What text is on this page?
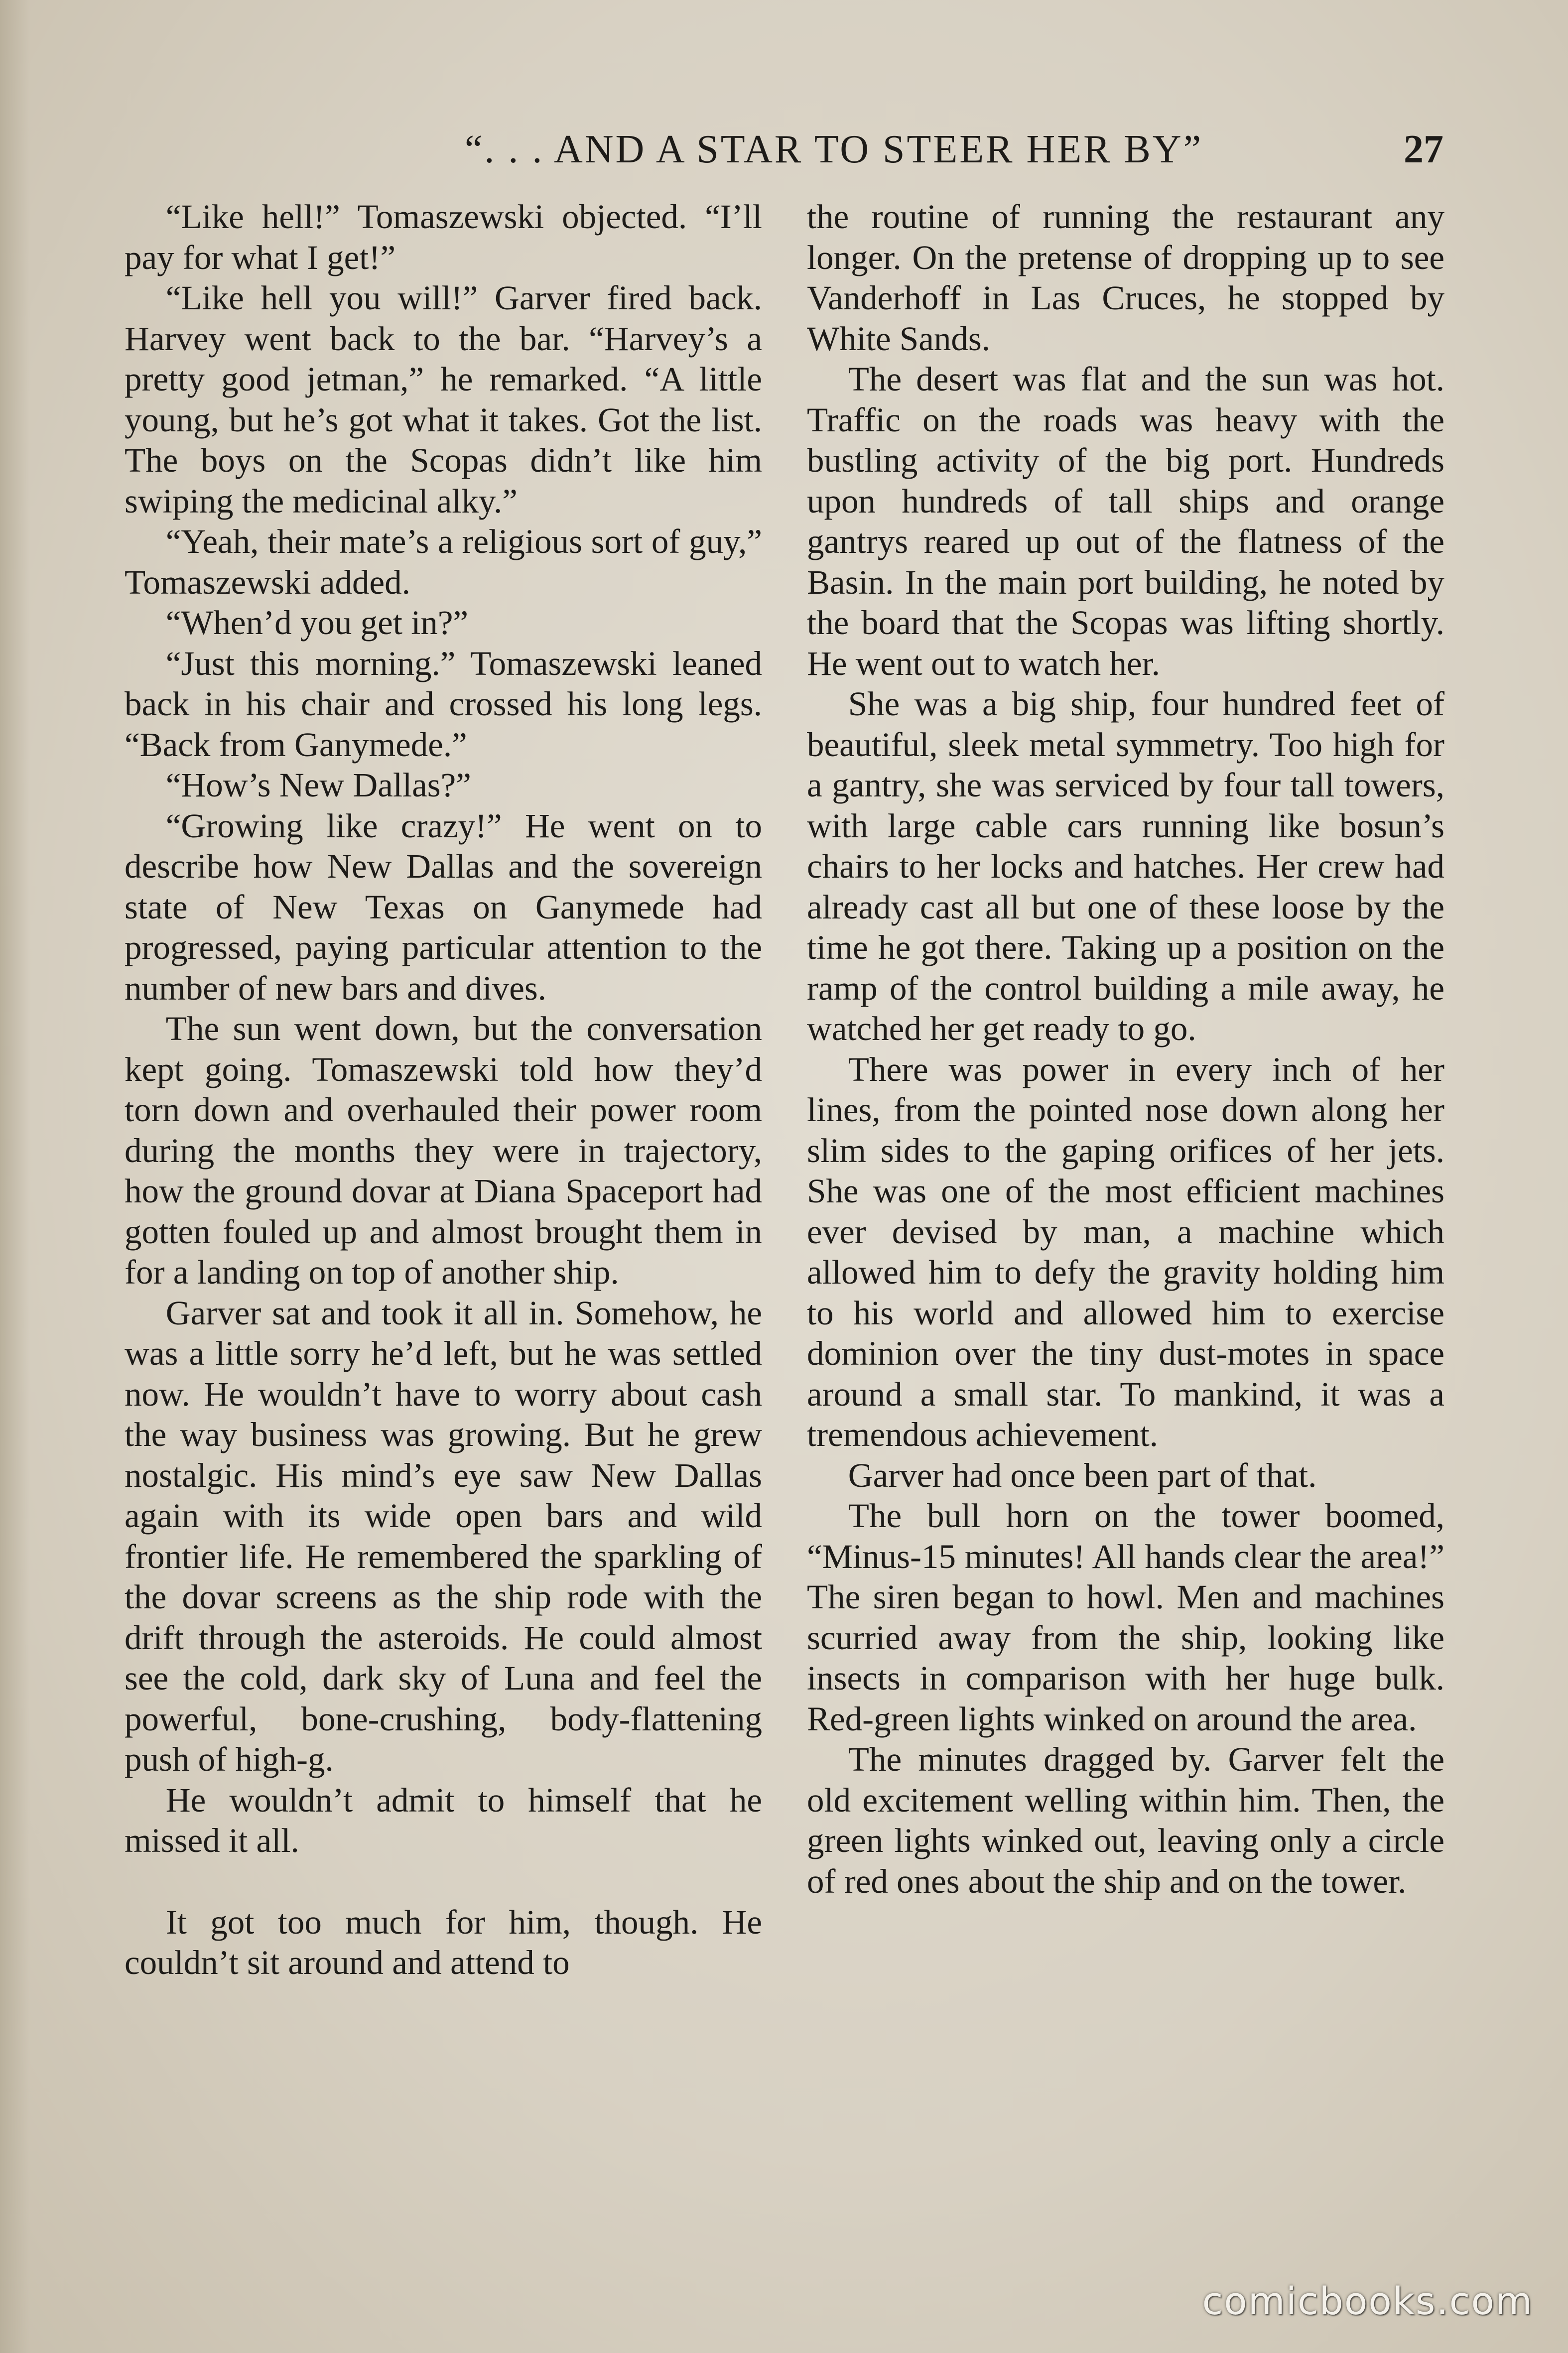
“. . . AND A STAR TO STEER HER BY”	27

“Like hell!” Tomaszewski objected. “I’ll pay for what I get!”

“Like hell you will!” Garver fired back. Harvey went back to the bar. “Harvey’s a pretty good jetman,” he remarked. “A little young, but he’s got what it takes. Got the list. The boys on the Scopas didn’t like him swiping the medicinal alky.”

“Yeah, their mate’s a religious sort of guy,” Tomaszewski added.

“When’d you get in?”

“Just this morning.” Tomaszewski leaned back in his chair and crossed his long legs. “Back from Ganymede.”

“How’s New Dallas?”

“Growing like crazy!” He went on to describe how New Dallas and the sovereign state of New Texas on Ganymede had progressed, paying particular attention to the number of new bars and dives.

The sun went down, but the conversation kept going. Tomaszewski told how they’d torn down and overhauled their power room during the months they were in trajectory, how the ground dovar at Diana Spaceport had gotten fouled up and almost brought them in for a landing on top of another ship.

Garver sat and took it all in. Somehow, he was a little sorry he’d left, but he was settled now. He wouldn’t have to worry about cash the way business was growing. But he grew nostalgic. His mind’s eye saw New Dallas again with its wide open bars and wild frontier life. He remembered the sparkling of the dovar screens as the ship rode with the drift through the asteroids. He could almost see the cold, dark sky of Luna and feel the powerful, bone-crushing, body-flattening push of high-g.

He wouldn’t admit to himself that he missed it all.

It got too much for him, though. He couldn’t sit around and attend to

the routine of running the restaurant any longer. On the pretense of dropping up to see Vanderhoff in Las Cruces, he stopped by White Sands.

The desert was flat and the sun was hot. Traffic on the roads was heavy with the bustling activity of the big port. Hundreds upon hundreds of tall ships and orange gantrys reared up out of the flatness of the Basin. In the main port building, he noted by the board that the Scopas was lifting shortly. He went out to watch her.

She was a big ship, four hundred feet of beautiful, sleek metal symmetry. Too high for a gantry, she was serviced by four tall towers, with large cable cars running like bosun’s chairs to her locks and hatches. Her crew had already cast all but one of these loose by the time he got there. Taking up a position on the ramp of the control building a mile away, he watched her get ready to go.

There was power in every inch of her lines, from the pointed nose down along her slim sides to the gaping orifices of her jets. She was one of the most efficient machines ever devised by man, a machine which allowed him to defy the gravity holding him to his world and allowed him to exercise dominion over the tiny dust-motes in space around a small star. To mankind, it was a tremendous achievement.

Garver had once been part of that.

The bull horn on the tower boomed, “Minus-15 minutes! All hands clear the area!” The siren began to howl. Men and machines scurried away from the ship, looking like insects in comparison with her huge bulk. Red-green lights winked on around the area.

The minutes dragged by. Garver felt the old excitement welling within him. Then, the green lights winked out, leaving only a circle of red ones about the ship and on the tower.

comicbooks.com
